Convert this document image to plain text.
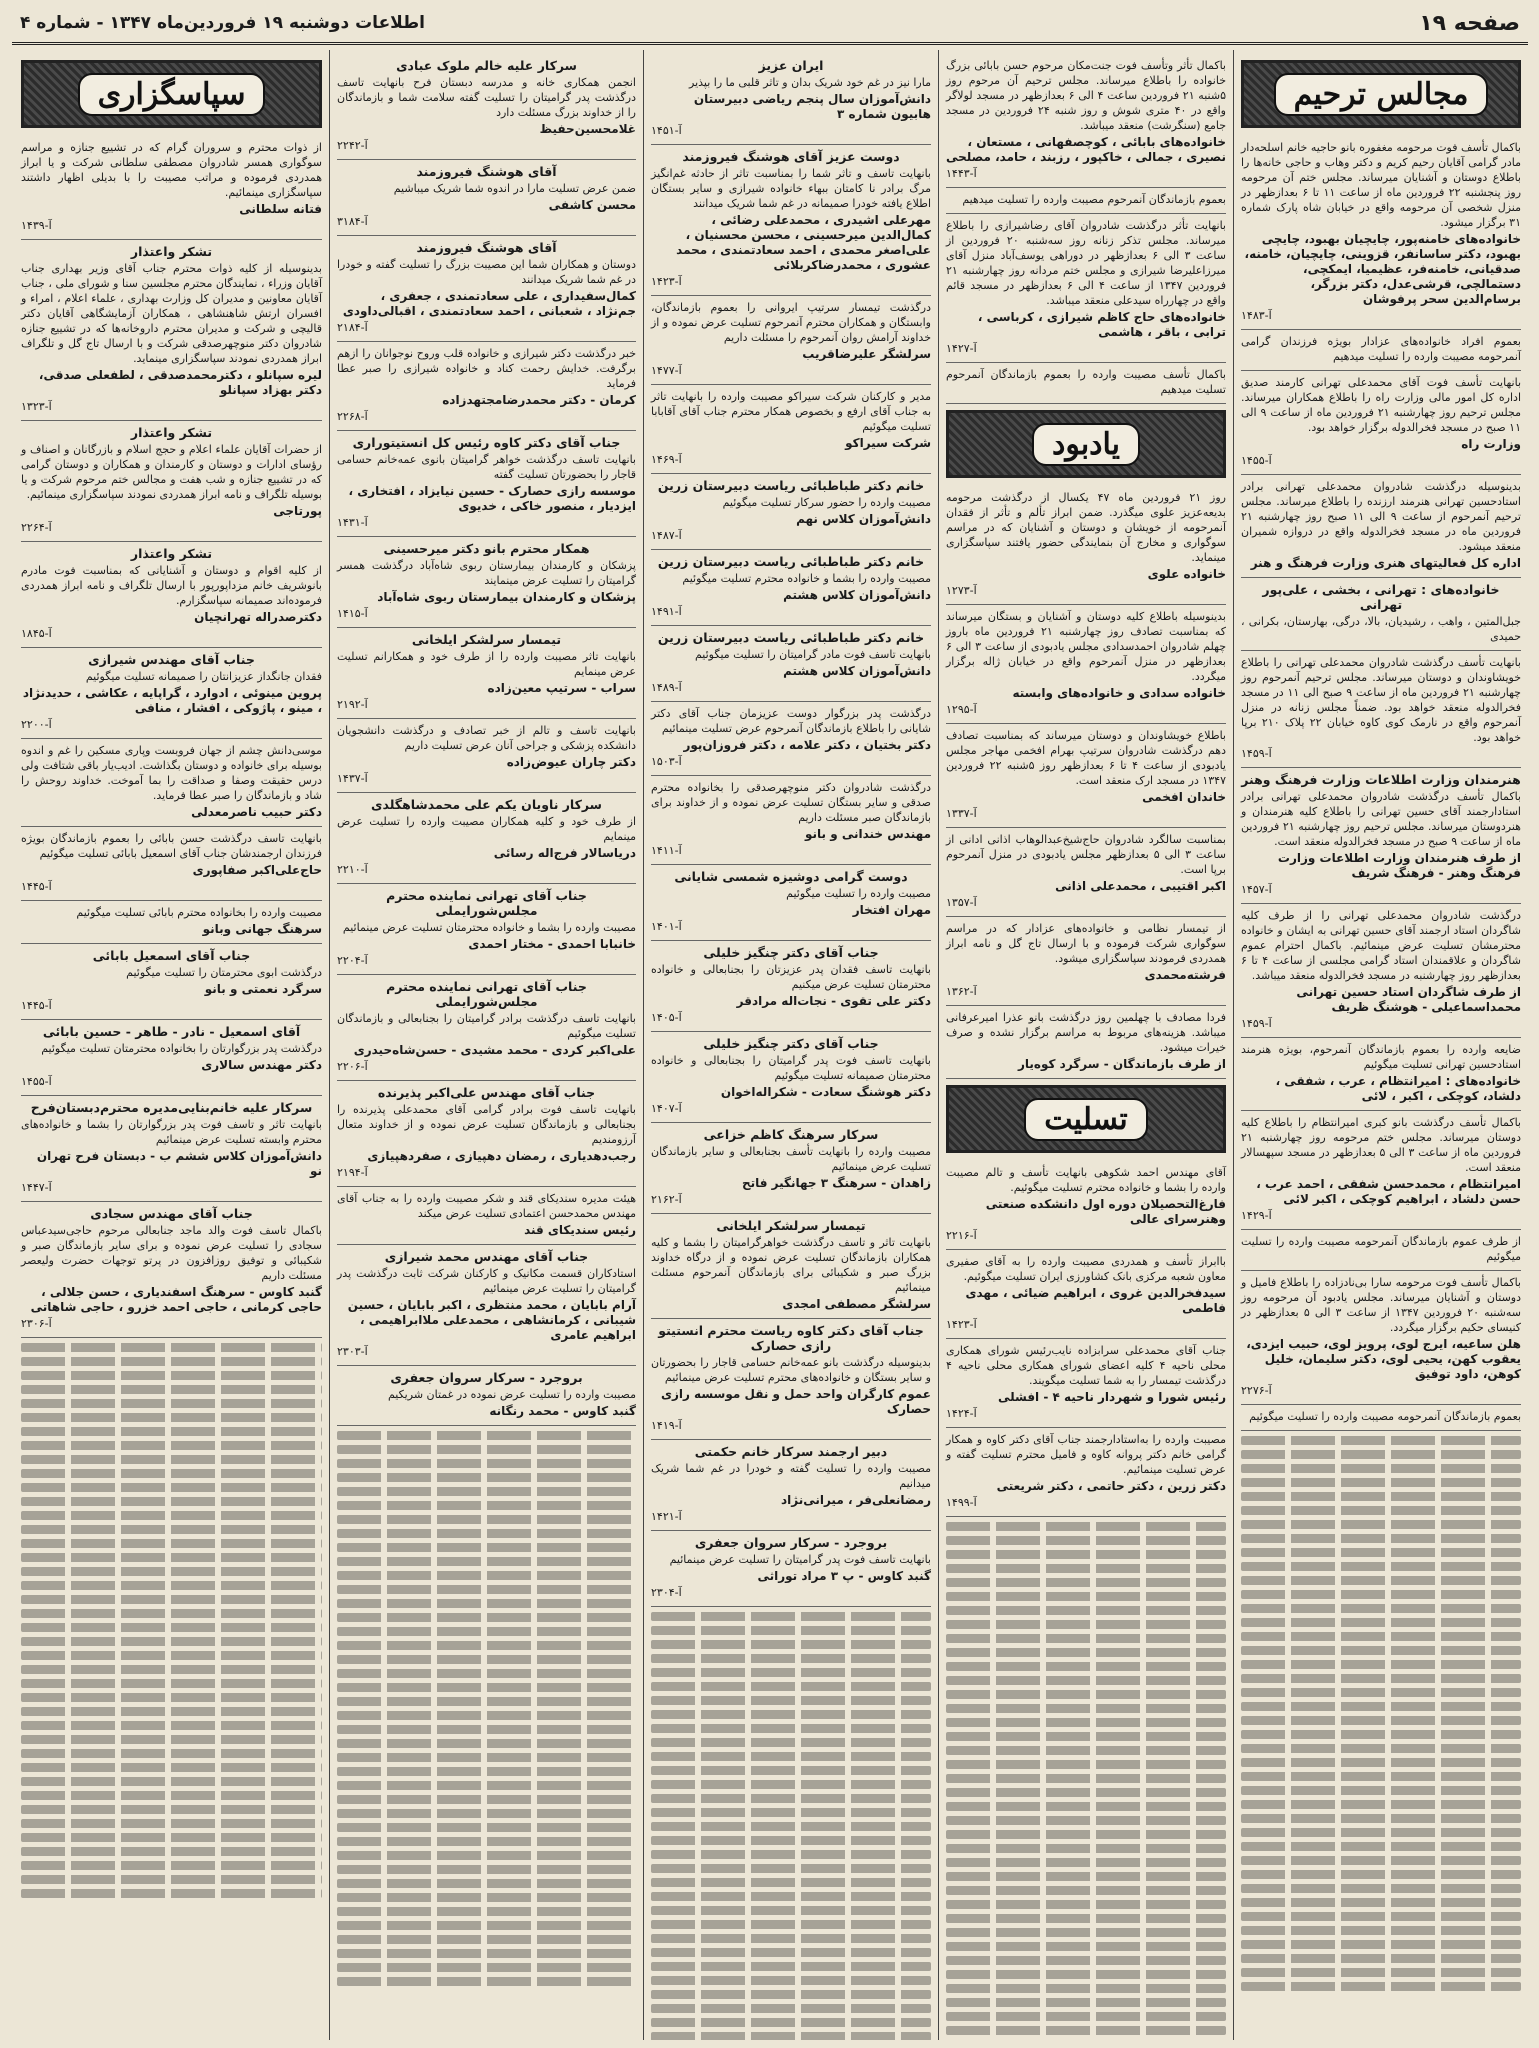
صفحه ۱۹
اطلاعات دوشنبه ۱۹ فروردین‌ماه ۱۳۴۷ - شماره ۴
مجالس ترحیم
باکمال تأسف فوت مرحومه مغفوره بانو حاجیه خانم اسلحه‌دار مادر گرامی آقایان رحیم کریم و دکتر وهاب و حاجی خانه‌ها را باطلاع دوستان و آشنایان میرساند. مجلس ختم آن مرحومه روز پنجشنبه ۲۲ فروردین ماه از ساعت ۱۱ تا ۶ بعدازظهر در منزل شخصی آن مرحومه واقع در خیابان شاه پارک شماره ۳۱ برگزار میشود.
خانواده‌های خامنه‌پور، چایچیان بهبود، چایچی بهبود، دکتر ساسانفر، قزوینی، چایچیان، خامنه، صدقیانی، خامنه‌فر، عظیمیا، ایمکچی، دستمالچی، قرشی‌عدل، دکتر بزرگر، برسام‌الدین سحر پرفوشان
آ-۱۴۸۳
بعموم افراد خانواده‌های عزادار بویژه فرزندان گرامی آنمرحومه مصیبت وارده را تسلیت میدهیم
بانهایت تأسف فوت آقای محمدعلی تهرانی کارمند صدیق اداره کل امور مالی وزارت راه را باطلاع همکاران میرساند. مجلس ترحیم روز چهارشنبه ۲۱ فروردین ماه از ساعت ۹ الی ۱۱ صبح در مسجد فخرالدوله برگزار خواهد بود.
وزارت راه
آ-۱۴۵۵
بدینوسیله درگذشت شادروان محمدعلی تهرانی برادر استادحسین تهرانی هنرمند ارزنده را باطلاع میرساند. مجلس ترحیم آنمرحوم از ساعت ۹ الی ۱۱ صبح روز چهارشنبه ۲۱ فروردین ماه در مسجد فخرالدوله واقع در دروازه شمیران منعقد میشود.
اداره کل فعالیتهای هنری وزارت فرهنگ و هنر
خانواده‌های : تهرانی ، بخشی ، علی‌پور تهرانی
جبل‌المتین ، واهب ، رشیدیان، بالا، درگی، بهارستان، بکرانی ، حمیدی
بانهایت تأسف درگذشت شادروان محمدعلی تهرانی را باطلاع خویشاوندان و دوستان میرساند. مجلس ترحیم آنمرحوم روز چهارشنبه ۲۱ فروردین ماه از ساعت ۹ صبح الی ۱۱ در مسجد فخرالدوله منعقد خواهد بود. ضمناً مجلس زنانه در منزل آنمرحوم واقع در نارمک کوی کاوه خیابان ۲۲ پلاک ۲۱۰ برپا خواهد بود.
آ-۱۴۵۹
هنرمندان وزارت اطلاعات وزارت فرهنگ وهنر
باکمال تأسف درگذشت شادروان محمدعلی تهرانی برادر استادارجمند آقای حسین تهرانی را باطلاع کلیه هنرمندان و هنردوستان میرساند. مجلس ترحیم روز چهارشنبه ۲۱ فروردین ماه از ساعت ۹ صبح در مسجد فخرالدوله منعقد است.
از طرف هنرمندان وزارت اطلاعات وزارت فرهنگ وهنر - فرهنگ شریف
آ-۱۴۵۷
درگذشت شادروان محمدعلی تهرانی را از طرف کلیه شاگردان استاد ارجمند آقای حسین تهرانی به ایشان و خانواده محترمشان تسلیت عرض مینمائیم. باکمال احترام عموم شاگردان و علاقمندان استاد گرامی مجلسی از ساعت ۴ تا ۶ بعدازظهر روز چهارشنبه در مسجد فخرالدوله منعقد میباشد.
از طرف شاگردان استاد حسین تهرانی محمداسماعیلی - هوشنگ ظریف
آ-۱۴۵۹
ضایعه وارده را بعموم بازماندگان آنمرحوم، بویژه هنرمند استادحسین تهرانی تسلیت میگوئیم
خانواده‌های : امیرانتظام ، عرب ، شفقی ، دلشاد، کوچکی ، اکبر ، لائی
باکمال تأسف درگذشت بانو کبری امیرانتظام را باطلاع کلیه دوستان میرساند. مجلس ختم مرحومه روز چهارشنبه ۲۱ فروردین ماه از ساعت ۳ الی ۵ بعدازظهر در مسجد سپهسالار منعقد است.
امیرانتظام ، محمدحسن شفقی ، احمد عرب ، حسن دلشاد ، ابراهیم کوچکی ، اکبر لائی
آ-۱۴۲۹
از طرف عموم بازماندگان آنمرحومه مصیبت وارده را تسلیت میگوئیم
باکمال تأسف فوت مرحومه سارا بی‌نادزاده را باطلاع فامیل و دوستان و آشنایان میرساند. مجلس یادبود آن مرحومه روز سه‌شنبه ۲۰ فروردین ۱۳۴۷ از ساعت ۳ الی ۵ بعدازظهر در کنیسای حکیم برگزار میگردد.
هلن ساعیه، ایرج لوی، پرویز لوی، حبیب ایزدی، یعقوب کهن، یحیی لوی، دکتر سلیمان، خلیل کوهن، داود توفیق
آ-۲۲۷۶
بعموم بازماندگان آنمرحومه مصیبت وارده را تسلیت میگوئیم
باکمال تأثر وتأسف فوت جنت‌مکان مرحوم حسن بابائی بزرگ خانواده را باطلاع میرساند. مجلس ترحیم آن مرحوم روز ۵شنبه ۲۱ فروردین ساعت ۴ الی ۶ بعدازظهر در مسجد لولاگر واقع در ۴۰ متری شوش و روز شنبه ۲۴ فروردین در مسجد جامع (سنگرشت) منعقد میباشد.
خانواده‌های بابائی ، کوچصفهانی ، مستعان ، نصیری ، جمالی ، خاکپور ، رزبند ، حامد، مصلحی
آ-۱۴۴۳
بعموم بازماندگان آنمرحوم مصیبت وارده را تسلیت میدهیم
بانهایت تأثر درگذشت شادروان آقای رضاشیرازی را باطلاع میرساند. مجلس تذکر زنانه روز سه‌شنبه ۲۰ فروردین از ساعت ۳ الی ۶ بعدازظهر در دوراهی یوسف‌آباد منزل آقای میرزاعلیرضا شیرازی و مجلس ختم مردانه روز چهارشنبه ۲۱ فروردین ۱۳۴۷ از ساعت ۴ الی ۶ بعدازظهر در مسجد قائم واقع در چهارراه سیدعلی منعقد میباشد.
خانواده‌های حاج کاظم شیرازی ، کرباسی ، ترابی ، باقر ، هاشمی
آ-۱۴۲۷
باکمال تأسف مصیبت وارده را بعموم بازماندگان آنمرحوم تسلیت میدهیم
یادبود
روز ۲۱ فروردین ماه ۴۷ یکسال از درگذشت مرحومه بدیعه‌عزیز علوی میگذرد. ضمن ابراز تألم و تأثر از فقدان آنمرحومه از خویشان و دوستان و آشنایان که در مراسم سوگواری و مخارج آن بنمایندگی حضور یافتند سپاسگزاری مینماید.
خانواده علوی
آ-۱۲۷۳
بدینوسیله باطلاع کلیه دوستان و آشنایان و بستگان میرساند که بمناسبت تصادف روز چهارشنبه ۲۱ فروردین ماه باروز چهلم شادروان احمدسدادی مجلس یادبودی از ساعت ۳ الی ۶ بعدازظهر در منزل آنمرحوم واقع در خیابان ژاله برگزار میگردد.
خانواده سدادی و خانواده‌های وابسته
آ-۱۲۹۵
باطلاع خویشاوندان و دوستان میرساند که بمناسبت تصادف دهم درگذشت شادروان سرتیپ بهرام افخمی مهاجر مجلس یادبودی از ساعت ۴ تا ۶ بعدازظهر روز ۵شنبه ۲۲ فروردین ۱۳۴۷ در مسجد ارک منعقد است.
خاندان افخمی
آ-۱۳۳۷
بمناسبت سالگرد شادروان حاج‌شیخ‌عبدالوهاب اذانی ادانی از ساعت ۳ الی ۵ بعدازظهر مجلس یادبودی در منزل آنمرحوم برپا است.
اکبر اقتیبی ، محمدعلی اذانی
آ-۱۳۵۷
از تیمسار نظامی و خانواده‌های عزادار که در مراسم سوگواری شرکت فرموده و با ارسال تاج گل و نامه ابراز همدردی فرمودند سپاسگزاری میشود.
فرشته‌محمدی
آ-۱۳۶۲
فردا مصادف با چهلمین روز درگذشت بانو عذرا امیرعرفانی میباشد. هزینه‌های مربوط به مراسم برگزار نشده و صرف خیرات میشود.
از طرف بازماندگان - سرگرد کوه‌یار
تسلیت
آقای مهندس احمد شکوهی بانهایت تأسف و تالم مصیبت وارده را بشما و خانواده محترم تسلیت میگوئیم.
فارغ‌التحصیلان دوره اول دانشکده صنعتی وهنرسرای عالی
آ-۲۲۱۶
باابراز تأسف و همدردی مصیبت وارده را به آقای صفیری معاون شعبه مرکزی بانک کشاورزی ایران تسلیت میگوئیم.
سیدفخرالدین غروی ، ابراهیم ضیائی ، مهدی فاطمی
آ-۱۴۲۳
جناب آقای محمدعلی سرابزاده نایب‌رئیس شورای همکاری محلی ناحیه ۴ کلیه اعضای شورای همکاری محلی ناحیه ۴ درگذشت تیمسار را به شما تسلیت میگویند.
رئیس شورا و شهردار ناحیه ۴ - افشلی
آ-۱۴۲۴
مصیبت وارده را به‌استادارجمند جناب آقای دکتر کاوه و همکار گرامی خانم دکتر پروانه کاوه و فامیل محترم تسلیت گفته و عرض تسلیت مینمائیم.
دکتر زرین ، دکتر حاتمی ، دکتر شریعتی
آ-۱۴۹۹
ایران عزیز
مارا نیز در غم خود شریک بدان و تاثر قلبی ما را بپذیر
دانش‌آموزان سال پنجم ریاضی دبیرستان هابیون شماره ۳
آ-۱۴۵۱
دوست عزیز آقای هوشنگ فیروزمند
بانهایت تاسف و تاثر شما را بمناسبت تاثر از حادثه غم‌انگیز مرگ برادر نا کامتان ببهاء خانواده شیرازی و سایر بستگان اطلاع یافته خودرا صمیمانه در غم شما شریک میدانند
مهرعلی اشیدری ، محمدعلی رضائی ، کمال‌الدین میرحسینی ، محسن محسنیان ، علی‌اصغر محمدی ، احمد سعادتمندی ، محمد عشوری ، محمدرضاکربلائی
آ-۱۴۲۳
درگذشت تیمسار سرتیپ ایروانی را بعموم بازماندگان، وابستگان و همکاران محترم آنمرحوم تسلیت عرض نموده و از خداوند آرامش روان آنمرحوم را مسئلت داریم
سرلشگر علیرضاقریب
آ-۱۴۷۷
مدیر و کارکنان شرکت سیراکو مصیبت وارده را بانهایت تاثر به جناب آقای ارفع و بخصوص همکار محترم جناب آقای آقابابا تسلیت میگوئیم
شرکت سیراکو
آ-۱۴۶۹
خانم دکتر طباطبائی ریاست دبیرستان زرین
مصیبت وارده را حضور سرکار تسلیت میگوئیم
دانش‌آموزان کلاس نهم
آ-۱۴۸۷
خانم دکتر طباطبائی ریاست دبیرستان زرین
مصیبت وارده را بشما و خانواده محترم تسلیت میگوئیم
دانش‌آموزان کلاس هشتم
آ-۱۴۹۱
خانم دکتر طباطبائی ریاست دبیرستان زرین
بانهایت تاسف فوت مادر گرامیتان را تسلیت میگوئیم
دانش‌آموزان کلاس هشتم
آ-۱۴۸۹
درگذشت پدر بزرگوار دوست عزیزمان جناب آقای دکتر شایانی را باطلاع بازماندگان آنمرحوم عرض تسلیت مینمائیم
دکتر بختیان ، دکتر علامه ، دکتر فروزان‌پور
آ-۱۵۰۳
درگذشت شادروان دکتر منوچهرصدقی را بخانواده محترم صدقی و سایر بستگان تسلیت عرض نموده و از خداوند برای بازماندگان صبر مسئلت داریم
مهندس خندانی و بانو
آ-۱۴۱۱
دوست گرامی دوشیزه شمسی شایانی
مصیبت وارده را تسلیت میگوئیم
مهران افتخار
آ-۱۴۰۱
جناب آقای دکتر چنگیز خلیلی
بانهایت تاسف فقدان پدر عزیزتان را بجنابعالی و خانواده محترمتان تسلیت عرض میکنیم
دکتر علی تقوی - نجات‌اله مرادقر
آ-۱۴۰۵
جناب آقای دکتر چنگیز خلیلی
بانهایت تاسف فوت پدر گرامیتان را بجنابعالی و خانواده محترمتان صمیمانه تسلیت میگوئیم
دکتر هوشنگ سعادت - شکراله‌اخوان
آ-۱۴۰۷
سرکار سرهنگ کاظم خزاعی
مصیبت وارده را بانهایت تأسف بجنابعالی و سایر بازماندگان تسلیت عرض مینمائیم
زاهدان - سرهنگ ۳ جهانگیر فاتح
آ-۲۱۶۲
تیمسار سرلشکر ایلخانی
بانهایت تاثر و تاسف درگذشت خواهرگرامیتان را بشما و کلیه همکاران بازماندگان تسلیت عرض نموده و از درگاه خداوند بزرگ صبر و شکیبائی برای بازماندگان آنمرحوم مسئلت مینمائیم
سرلشگر مصطفی امجدی
جناب آقای دکتر کاوه ریاست محترم انستیتو رازی حصارک
بدینوسیله درگذشت بانو عمه‌خانم حسامی قاجار را بحضورتان و سایر بستگان و خانواده‌های محترم تسلیت عرض مینمائیم
عموم کارگران واحد حمل و نقل موسسه رازی حصارک
آ-۱۴۱۹
دبیر ارجمند سرکار خانم حکمتی
مصیبت وارده را تسلیت گفته و خودرا در غم شما شریک میدانیم
رمضانعلی‌فر ، میرانی‌نژاد
آ-۱۴۲۱
بروجرد - سرکار سروان جعفری
بانهایت تاسف فوت پدر گرامیتان را تسلیت عرض مینمائیم
گنبد کاوس - پ ۳ مراد توراثی
آ-۲۳۰۴
سرکار علیه خالم ملوک عبادی
انجمن همکاری خانه و مدرسه دبستان فرح بانهایت تاسف درگذشت پدر گرامیتان را تسلیت گفته سلامت شما و بازماندگان را از خداوند بزرگ مسئلت دارد
غلامحسین‌حفیظ
آ-۲۲۴۲
آقای هوشنگ فیروزمند
ضمن عرض تسلیت مارا در اندوه شما شریک میباشیم
محسن کاشفی
آ-۳۱۸۴
آقای هوشنگ فیروزمند
دوستان و همکاران شما این مصیبت بزرگ را تسلیت گفته و خودرا در غم شما شریک میدانند
کمال‌سفیداری ، علی سعادتمندی ، جعفری ، جم‌نژاد ، شعبانی ، احمد سعادتمندی ، اقبالی‌داودی
آ-۲۱۸۴
خبر درگذشت دکتر شیرازی و خانواده قلب وروح نوجوانان را ازهم برگرفت. خدایش رحمت کناد و خانواده شیرازی را صبر عطا فرماید
کرمان - دکتر محمدرضامجتهدزاده
آ-۲۲۶۸
جناب آقای دکتر کاوه رئیس کل انستیتوراری
بانهایت تاسف درگذشت خواهر گرامیتان بانوی عمه‌خانم حسامی قاجار را بحضورتان تسلیت گفته
موسسه رازی حصارک - حسین نیایزاد ، افتخاری ، ایزدیار ، منصور خاکی ، خدیوی
آ-۱۴۳۱
همکار محترم بانو دکتر میرحسینی
پزشکان و کارمندان بیمارستان ربوی شاه‌آباد درگذشت همسر گرامیتان را تسلیت عرض مینمایند
پزشکان و کارمندان بیمارستان ربوی شاه‌آباد
آ-۱۴۱۵
تیمسار سرلشکر ایلخانی
بانهایت تاثر مصیبت وارده را از طرف خود و همکارانم تسلیت عرض مینمایم
سراب - سرتیپ معین‌زاده
آ-۲۱۹۲
بانهایت تاسف و تالم از خبر تصادف و درگذشت دانشجویان دانشکده پزشکی و جراحی آنان عرض تسلیت داریم
دکتر چاران عیوض‌زاده
آ-۱۴۳۷
سرکار ناویان یکم علی محمدشاهگلدی
از طرف خود و کلیه همکاران مصیبت وارده را تسلیت عرض مینمایم
دریاسالار فرج‌اله رسائی
آ-۲۲۱۰
جناب آقای تهرانی نماینده محترم مجلس‌شورایملی
مصیبت وارده را بشما و خانواده محترمتان تسلیت عرض مینمائیم
خانبابا احمدی - مختار احمدی
آ-۲۲۰۴
جناب آقای تهرانی نماینده محترم مجلس‌شورایملی
بانهایت تاسف درگذشت برادر گرامیتان را بجنابعالی و بازماندگان تسلیت میگوئیم
علی‌اکبر کردی - محمد مشیدی - حسن‌شاه‌حیدری
آ-۲۲۰۶
جناب آقای مهندس علی‌اکبر پذیرنده
بانهایت تاسف فوت برادر گرامی آقای محمدعلی پذیرنده را بجنابعالی و بازماندگان تسلیت عرض نموده و از خداوند متعال آرزومندیم
رجب‌دهدیاری ، رمضان دهپیازی ، صفر‌دهپیازی
آ-۲۱۹۴
هیئت مدیره سندیکای قند و شکر مصیبت وارده را به جناب آقای مهندس محمدحسن اعتمادی تسلیت عرض میکند
رئیس سندیکای قند
جناب آقای مهندس محمد شیرازی
استادکاران قسمت مکانیک و کارکنان شرکت ثابت درگذشت پدر گرامیتان را تسلیت عرض مینمائیم
آرام بابایان ، محمد منتظری ، اکبر بابایان ، حسین شیبانی ، کرمانشاهی ، محمدعلی ملاابراهیمی ، ابراهیم عامری
آ-۲۳۰۳
بروجرد - سرکار سروان جعفری
مصیبت وارده را تسلیت عرض نموده در غمتان شریکیم
گنبد کاوس - محمد رنگانه
سپاسگزاری
از ذوات محترم و سروران گرام که در تشییع جنازه و مراسم سوگواری همسر شادروان مصطفی سلطانی شرکت و یا ابراز همدردی فرموده و مراتب مصیبت را با بدیلی اظهار داشتند سپاسگزاری مینمائیم.
فتانه سلطانی
آ-۱۴۳۹
تشکر واعتذار
بدینوسیله از کلیه ذوات محترم جناب آقای وزیر بهداری جناب آقایان وزراء ، نمایندگان محترم مجلسین سنا و شورای ملی ، جناب آقایان معاونین و مدیران کل وزارت بهداری ، علماء اعلام ، امراء و افسران ارتش شاهنشاهی ، همکاران آزمایشگاهی آقایان دکتر قالیچی و شرکت و مدیران محترم داروخانه‌ها که در تشییع جنازه شادروان دکتر منوچهرصدقی شرکت و با ارسال تاج گل و تلگراف ابراز همدردی نمودند سپاسگزاری مینماید.
لیره سپانلو ، دکترمحمدصدقی ، لطفعلی صدقی، دکتر بهزاد سپانلو
آ-۱۳۲۳
تشکر واعتذار
از حضرات آقایان علماء اعلام و حجج اسلام و بازرگانان و اصناف و رؤسای ادارات و دوستان و کارمندان و همکاران و دوستان گرامی که در تشییع جنازه و شب هفت و مجالس ختم مرحوم شرکت و یا بوسیله تلگراف و نامه ابراز همدردی نمودند سپاسگزاری مینمائیم.
پورتاجی
آ-۲۲۶۴
تشکر واعتذار
از کلیه اقوام و دوستان و آشنایانی که بمناسبت فوت مادرم بانوشریف خانم مزداپورپور با ارسال تلگراف و نامه ابراز همدردی فرموده‌اند صمیمانه سپاسگزارم.
دکترصدرا‌له تهرانچیان
آ-۱۸۴۵
جناب آقای مهندس شیرازی
فقدان جانگداز عزیزانتان را صمیمانه تسلیت میگوئیم
پروین مینوئی ، ادوارد ، گراپایه ، عکاشی ، حدیدنژاد ، مینو ، پاژوکی ، افشار ، منافی
آ-۲۲۰۰
موسی‌دانش چشم از جهان فروبست وپاری مسکین را غم و اندوه بوسیله برای خانواده و دوستان بگذاشت. ادیب‌یار باقی شتافت ولی درس حقیقت وصفا و صداقت را بما آموخت. خداوند روحش را شاد و بازماندگان را صبر عطا فرماید.
دکتر حبیب ناصرمعدلی
بانهایت تاسف درگذشت حسن بابائی را بعموم بازماندگان بویژه فرزندان ارجمندشان جناب آقای اسمعیل بابائی تسلیت میگوئیم
حاج‌علی‌اکبر صفاپوری
آ-۱۴۴۵
مصیبت وارده را بخانواده محترم بابائی تسلیت میگوئیم
سرهنگ جهانی وبانو
جناب آقای اسمعیل بابائی
درگذشت ابوی محترمتان را تسلیت میگوئیم
سرگرد نعمتی و بانو
آ-۱۴۴۵
آقای اسمعیل - نادر - طاهر - حسین بابائی
درگذشت پدر بزرگوارتان را بخانواده محترمتان تسلیت میگوئیم
دکتر مهندس سالاری
آ-۱۴۵۵
سرکار علیه خانم‌بنایی‌مدیره محترم‌دبستان‌فرح
بانهایت تاثر و تاسف فوت پدر بزرگوارتان را بشما و خانواده‌های محترم وابسته تسلیت عرض مینمائیم
دانش‌آموزان کلاس ششم ب - دبستان فرح تهران نو
آ-۱۴۴۷
جناب آقای مهندس سجادی
باکمال تاسف فوت والد ماجد جنابعالی مرحوم حاجی‌سیدعباس سجادی را تسلیت عرض نموده و برای سایر بازماندگان صبر و شکیبائی و توفیق روزافزون در پرتو توجهات حضرت ولیعصر مسئلت داریم
گنبد کاوس - سرهنگ اسفندیاری ، حسن جلالی ، حاجی کرمانی ، حاجی احمد خزرو ، حاجی شاهاتی
آ-۲۳۰۶
